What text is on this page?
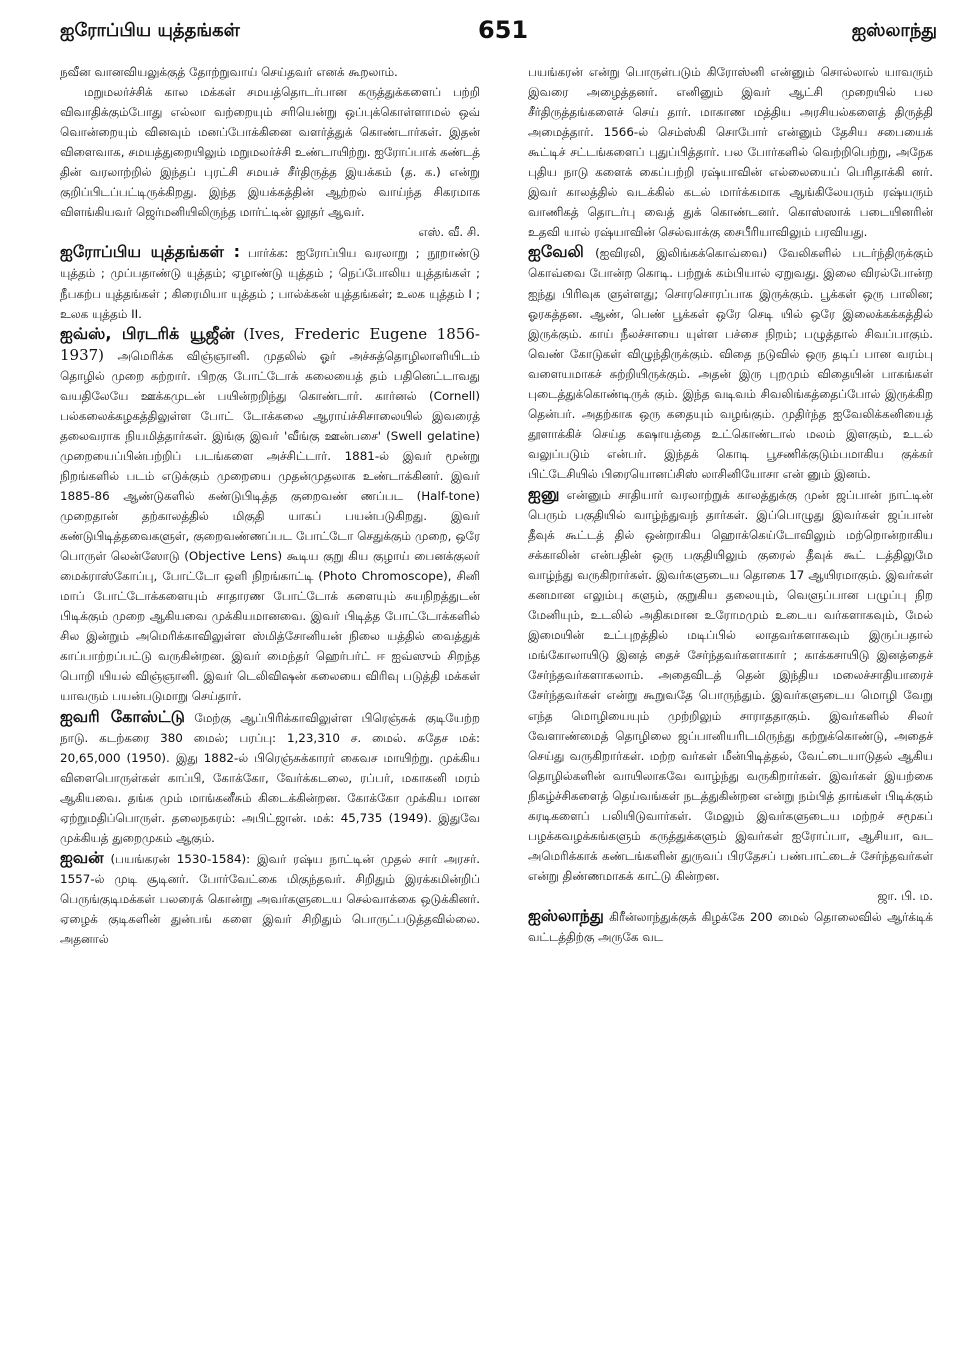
ஐரோப்பிய யுத்தங்கள்	651	ஐஸ்லாந்து

நவீன வானவியலுக்குத் தோற்றுவாய் செய்தவர் எனக் கூறலாம்.

மறுமலர்ச்சிக் கால மக்கள் சமயத்தொடர்பான கருத்துக்களைப் பற்றி விவாதிக்கும்போது எல்லா வற்றையும் சரியென்று ஒப்புக்கொள்ளாமல் ஒவ் வொன்றையும் வினவும் மனப்போக்கினை வளர்த்துக் கொண்டார்கள். இதன் விளைவாக, சமயத்துறையிலும் மறுமலர்ச்சி உண்டாயிற்று. ஐரோப்பாக் கண்டத் தின் வரலாற்றில் இந்தப் புரட்சி சமயச் சீர்திருத்த இயக்கம் (த. க.) என்று குறிப்பிடப்பட்டிருக்கிறது. இந்த இயக்கத்தின் ஆற்றல் வாய்ந்த சிகரமாக விளங்கியவர் ஜெர்மனியிலிருந்த மார்ட்டின் லூதர் ஆவர்.

எஸ். வீ. சி.

ஐரோப்பிய யுத்தங்கள் : பார்க்க: ஐரோப்பிய வரலாறு ; நூறாண்டு யுத்தம் ; முப்பதாண்டு யுத்தம்; ஏழாண்டு யுத்தம் ; நெப்போலிய யுத்தங்கள் ; நீபகற்ப யுத்தங்கள் ; கிரைமியா யுத்தம் ; பால்க்கன் யுத்தங்கள்; உலக யுத்தம் I ; உலக யுத்தம் II.

ஐவ்ஸ், பிரடரிக் யூஜீன் (Ives, Frederic Eugene 1856-1937) அமெரிக்க விஞ்ஞானி. முதலில் ஓர் அச்சுத்தொழிலாளியிடம் தொழில் முறை கற்றார். பிறகு போட்டோக் கலையைத் தம் பதினெட்டாவது வயதிலேயே ஊக்கமுடன் பயின்றறிந்து கொண்டார். கார்னல் (Cornell) பல்கலைக்கழகத்திலுள்ள போட் டோக்கலை ஆராய்ச்சிசாலையில் இவரைத் தலைவராக நியமித்தார்கள். இங்கு இவர் 'வீங்கு ஊன்பசை' (Swell gelatine) முறையைப்பின்பற்றிப் படங்களை அச்சிட்டார். 1881-ல் இவர் மூன்று நிறங்களில் படம் எடுக்கும் முறையை முதன்முதலாக உண்டாக்கினர். இவர் 1885-86 ஆண்டுகளில் கண்டுபிடித்த குறைவண் ணப்பட (Half-tone) முறைதான் தற்காலத்தில் மிகுதி யாகப் பயன்படுகிறது. இவர் கண்டுபிடித்தவைகளுள், குறைவண்ணப்பட போட்டோ செதுக்கும் முறை, ஒரே பொருள் லென்ஸோடு (Objective Lens) கூடிய குறு கிய குழாய் பைனக்குலர் மைக்ராஸ்கோப்பு, போட்டோ ஒளி நிறங்காட்டி (Photo Chromoscope), சினி மாப் போட்டோக்களையும் சாதாரண போட்டோக் களையும் சுயநிறத்துடன் பிடிக்கும் முறை ஆகியவை முக்கியமானவை. இவர் பிடித்த போட்டோக்களில் சில இன்றும் அமெரிக்காவிலுள்ள ஸ்மித்சோனியன் நிலை யத்தில் வைத்துக் காப்பாற்றப்பட்டு வருகின்றன. இவர் மைந்தர் ஹெர்பர்ட் ஈ ஐவ்ஸும் சிறந்த பொறி யியல் விஞ்ஞானி. இவர் டெலிவிஷன் கலையை விரிவு படுத்தி மக்கள் யாவரும் பயன்படுமாறு செய்தார்.

ஐவரி கோஸ்ட்டு மேற்கு ஆப்பிரிக்காவிலுள்ள பிரெஞ்சுக் குடியேற்ற நாடு. கடற்கரை 380 மைல்; பரப்பு: 1,23,310 ச. மைல். சுதேச மக்: 20,65,000 (1950). இது 1882-ல் பிரெஞ்சுக்காரர் கைவச மாயிற்று. முக்கிய விளைபொருள்கள் காப்பி, கோக்கோ, வேர்க்கடலை, ரப்பர், மகாகனி மரம் ஆகியவை. தங்க மும் மாங்கனீசும் கிடைக்கின்றன. கோக்கோ முக்கிய மான ஏற்றுமதிப்பொருள். தலைநகரம்: அபிட்ஜான். மக்: 45,735 (1949). இதுவே முக்கியத் துறைமுகம் ஆகும்.

ஐவன் (பயங்கரன் 1530-1584): இவர் ரஷ்ய நாட்டின் முதல் சார் அரசர். 1557-ல் முடி சூடினர். போர்வேட்கை மிகுந்தவர். சிறிதும் இரக்கமின்றிப் பெருங்குடிமக்கள் பலரைக் கொன்று அவர்களுடைய செல்வாக்கை ஒடுக்கினர். ஏழைக் குடிகளின் துன்பங் களை இவர் சிறிதும் பொருட்படுத்தவில்லை. அதனால்

பயங்கரன் என்று பொருள்படும் கிரோஸ்னி என்னும் சொல்லால் யாவரும் இவரை அழைத்தனர். எனினும் இவர் ஆட்சி முறையில் பல சீர்திருத்தங்களைச் செய் தார். மாகாண மத்திய அரசியல்களைத் திருத்தி அமைத்தார். 1566-ல் செம்ஸ்கி சொபோர் என்னும் தேசிய சபையைக் கூட்டிச் சட்டங்களைப் புதுப்பித்தார். பல போர்களில் வெற்றிபெற்று, அநேக புதிய நாடு களைக் கைப்பற்றி ரஷ்யாவின் எல்லையைப் பெரிதாக்கி னர். இவர் காலத்தில் வடக்கில் கடல் மார்க்கமாக ஆங்கிலேயரும் ரஷ்யரும் வாணிகத் தொடர்பு வைத் துக் கொண்டனர். கொஸ்ஸாக் படையினரின் உதவி யால் ரஷ்யாவின் செல்வாக்கு சைபீரியாவிலும் பரவியது.

ஐவேலி (ஐவிரலி, இலிங்கக்கொவ்வை) வேலிகளில் படர்ந்திருக்கும் கொவ்வை போன்ற கொடி. பற்றுக் கம்பியால் ஏறுவது. இலை விரல்போன்ற ஐந்து பிரிவுக ளுள்ளது; சொரசொரப்பாக இருக்கும். பூக்கள் ஒரு பாலின; ஓரகத்தன. ஆண், பெண் பூக்கள் ஒரே செடி யில் ஒரே இலைக்கக்கத்தில் இருக்கும். காய் நீலச்சாயை யுள்ள பச்சை நிறம்; பழுத்தால் சிவப்பாகும். வெண் கோடுகள் விழுந்திருக்கும். விதை நடுவில் ஒரு தடிப் பான வரம்பு வளையமாகச் சுற்றியிருக்கும். அதன் இரு புறமும் விதையின் பாகங்கள் புடைத்துக்கொண்டிருக் கும். இந்த வடிவம் சிவலிங்கத்தைப்போல் இருக்கிற தென்பர். அதற்காக ஒரு கதையும் வழங்கும். முதிர்ந்த ஐவேலிக்கனியைத் தூளாக்கிச் செய்த கஷாயத்தை உட்கொண்டால் மலம் இளகும், உடல் வலுப்படும் என்பர். இந்தக் கொடி பூசணிக்குடும்பமாகிய குக்கர் பிட்டேசியில் பிரையொனப்சிஸ் லாசினியோசா என் னும் இனம்.

ஐனு என்னும் சாதியார் வரலாற்றுக் காலத்துக்கு முன் ஜப்பான் நாட்டின் பெரும் பகுதியில் வாழ்ந்துவந் தார்கள். இப்பொழுது இவர்கள் ஜப்பான் தீவுக் கூட்டத் தில் ஒன்றாகிய ஹொக்கெய்டோவிலும் மற்றொன்றாகிய சக்காலின் என்பதின் ஒரு பகுதியிலும் குரைல் தீவுக் கூட் டத்திலுமே வாழ்ந்து வருகிறார்கள். இவர்களுடைய தொகை 17 ஆயிரமாகும். இவர்கள் கனமான எலும்பு களும், குறுகிய தலையும், வெளுப்பான பழுப்பு நிற மேனியும், உடலில் அதிகமான உரோமமும் உடைய வர்களாகவும், மேல் இமையின் உட்புறத்தில் மடிப்பில் லாதவர்களாகவும் இருப்பதால் மங்கோலாயிடு இனத் தைச் சேர்ந்தவர்களாகார் ; காக்கசாயிடு இனத்தைச் சேர்ந்தவர்களாகலாம். அதைவிடத் தென் இந்திய மலைச்சாதியாரைச் சேர்ந்தவர்கள் என்று கூறுவதே பொருந்தும். இவர்களுடைய மொழி வேறு எந்த மொழியையும் முற்றிலும் சாராததாகும். இவர்களில் சிலர் வேளாண்மைத் தொழிலை ஜப்பானியரிடமிருந்து கற்றுக்கொண்டு, அதைச் செய்து வருகிறார்கள். மற்ற வர்கள் மீன்பிடித்தல், வேட்டையாடுதல் ஆகிய தொழில்களின் வாயிலாகவே வாழ்ந்து வருகிறார்கள். இவர்கள் இயற்கை நிகழ்ச்சிகளைத் தெய்வங்கள் நடத்துகின்றன என்று நம்பித் தாங்கள் பிடிக்கும் கரடிகளைப் பலியிடுவார்கள். மேலும் இவர்களுடைய மற்றச் சமூகப் பழக்கவழக்கங்களும் கருத்துக்களும் இவர்கள் ஐரோப்பா, ஆசியா, வட அமெரிக்காக் கண்டங்களின் துருவப் பிரதேசப் பண்பாட்டைச் சேர்ந்தவர்கள் என்று திண்ணமாகக் காட்டு கின்றன.

ஜா. பி. ம.

ஐஸ்லாந்து கிரீன்லாந்துக்குக் கிழக்கே 200 மைல் தொலைவில் ஆர்க்டிக் வட்டத்திற்கு அருகே வட
